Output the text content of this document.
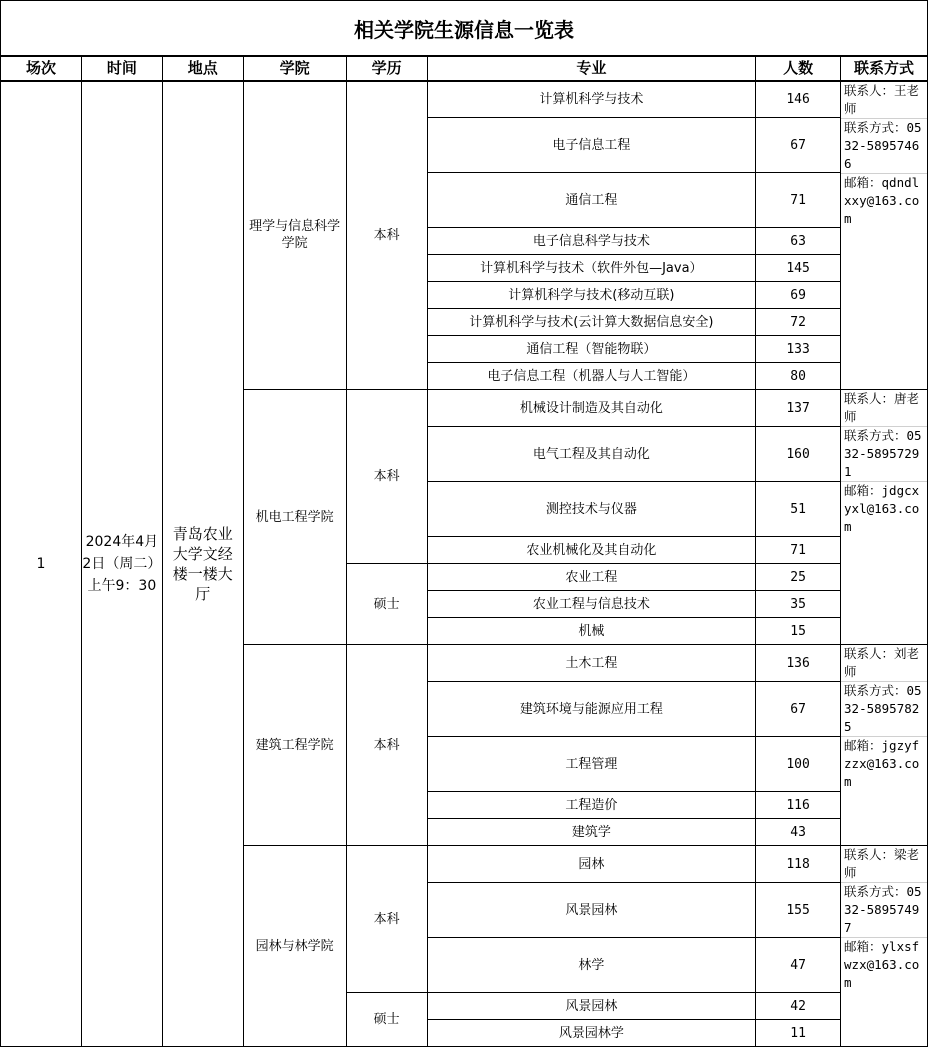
相关学院生源信息一览表
场次	时间	地点	学院	学历	专业	人数	联系方式
1	2024年4月2日（周二）上午9：30	青岛农业大学文经楼一楼大厅	理学与信息科学学院	本科	计算机科学与技术	146	联系人：王老师
联系方式：0532-58957466
邮箱：qdndlxxy@163.com

					电子信息工程	67	
					通信工程	71	
					电子信息科学与技术	63	
					计算机科学与技术（软件外包—Java）	145	
					计算机科学与技术(移动互联)	69	
					计算机科学与技术(云计算大数据信息安全)	72	
					通信工程（智能物联）	133	
					电子信息工程（机器人与人工智能）	80	
			机电工程学院	本科	机械设计制造及其自动化	137	联系人：唐老师
联系方式：0532-58957291
邮箱：jdgcxyxl@163.com

					电气工程及其自动化	160	
					测控技术与仪器	51	
					农业机械化及其自动化	71	
				硕士	农业工程	25	
					农业工程与信息技术	35	
					机械	15	
			建筑工程学院	本科	土木工程	136	联系人：刘老师
联系方式：0532-58957825
邮箱：jgzyfzzx@163.com

					建筑环境与能源应用工程	67	
					工程管理	100	
					工程造价	116	
					建筑学	43	
			园林与林学院	本科	园林	118	联系人：梁老师
联系方式：0532-58957497
邮箱：ylxsfwzx@163.com

					风景园林	155	
					林学	47	
				硕士	风景园林	42	
					风景园林学	11	
